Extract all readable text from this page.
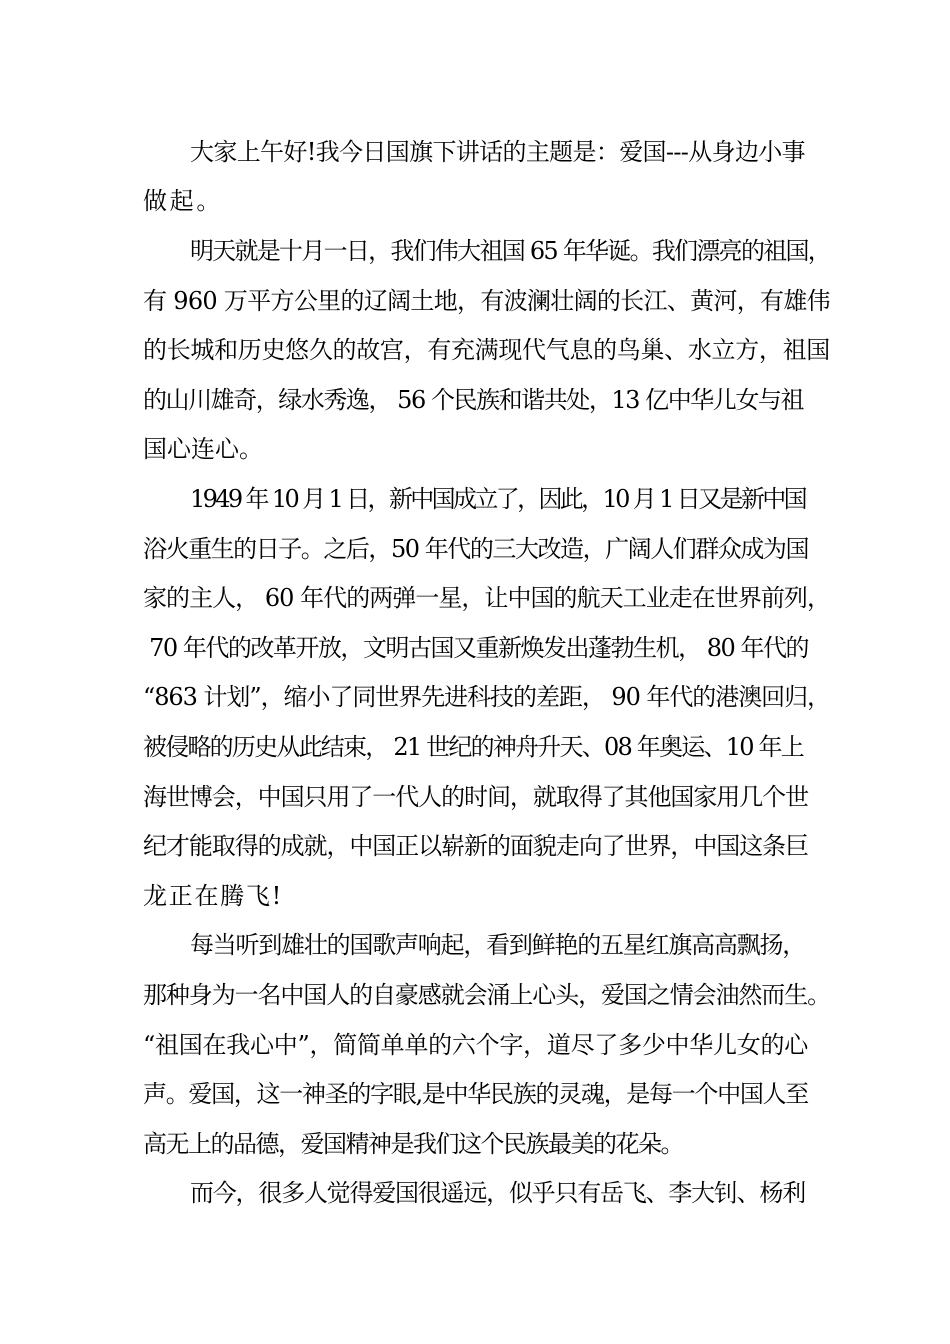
大家上午好!我今日国旗下讲话的主题是：爱国---从身边小事
做起。
明天就是十月一日，我们伟大祖国 65 年华诞。我们漂亮的祖国，
有 960 万平方公里的辽阔土地，有波澜壮阔的长江、黄河，有雄伟
的长城和历史悠久的故宫，有充满现代气息的鸟巢、水立方，祖国
的山川雄奇，绿水秀逸， 56 个民族和谐共处，13 亿中华儿女与祖
国心连心。
1949 年 10 月 1 日，新中国成立了，因此，10 月 1 日又是新中国
浴火重生的日子。之后，50 年代的三大改造，广阔人们群众成为国
家的主人， 60 年代的两弹一星，让中国的航天工业走在世界前列，
70 年代的改革开放，文明古国又重新焕发出蓬勃生机， 80 年代的
“863 计划”，缩小了同世界先进科技的差距， 90 年代的港澳回归，
被侵略的历史从此结束， 21 世纪的神舟升天、08 年奥运、10 年上
海世博会，中国只用了一代人的时间，就取得了其他国家用几个世
纪才能取得的成就，中国正以崭新的面貌走向了世界，中国这条巨
龙正在腾飞!
每当听到雄壮的国歌声响起，看到鲜艳的五星红旗高高飘扬，
那种身为一名中国人的自豪感就会涌上心头，爱国之情会油然而生。
“祖国在我心中”，简简单单的六个字，道尽了多少中华儿女的心
声。爱国，这一神圣的字眼,是中华民族的灵魂，是每一个中国人至
高无上的品德，爱国精神是我们这个民族最美的花朵。
而今，很多人觉得爱国很遥远，似乎只有岳飞、李大钊、杨利
